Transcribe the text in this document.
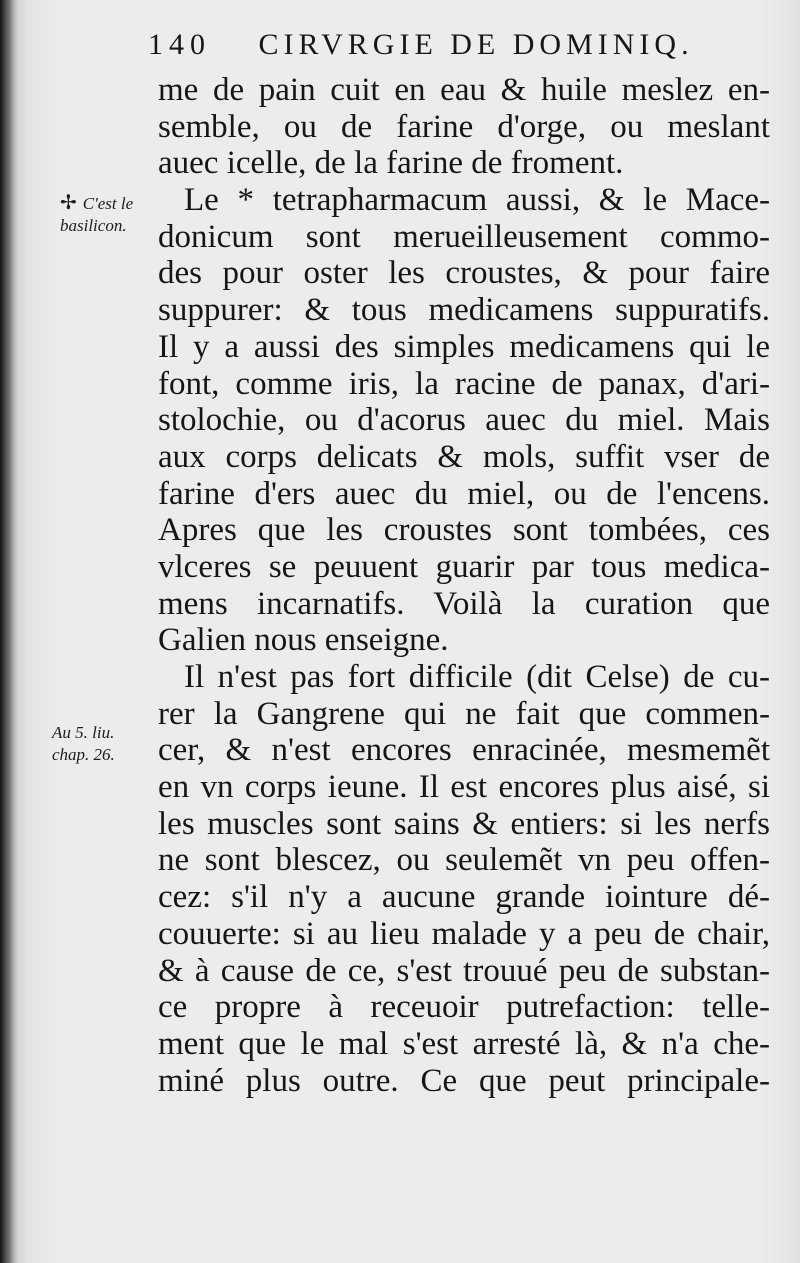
140 CIRVRGIE DE DOMINIQ.
✢ C'est le
basilicon.
Au 5. liu.
chap. 26.
me de pain cuit en eau & huile meslez en-
semble, ou de farine d'orge, ou meslant
auec icelle, de la farine de froment.
Le * tetrapharmacum aussi, & le Mace-
donicum sont merueilleusement commo-
des pour oster les croustes, & pour faire
suppurer: & tous medicamens suppuratifs.
Il y a aussi des simples medicamens qui le
font, comme iris, la racine de panax, d'ari-
stolochie, ou d'acorus auec du miel. Mais
aux corps delicats & mols, suffit vser de
farine d'ers auec du miel, ou de l'encens.
Apres que les croustes sont tombées, ces
vlceres se peuuent guarir par tous medica-
mens incarnatifs. Voilà la curation que
Galien nous enseigne.
Il n'est pas fort difficile (dit Celse) de cu-
rer la Gangrene qui ne fait que commen-
cer, & n'est encores enracinée, mesmemẽt
en vn corps ieune. Il est encores plus aisé, si
les muscles sont sains & entiers: si les nerfs
ne sont blescez, ou seulemẽt vn peu offen-
cez: s'il n'y a aucune grande iointure dé-
couuerte: si au lieu malade y a peu de chair,
& à cause de ce, s'est trouué peu de substan-
ce propre à receuoir putrefaction: telle-
ment que le mal s'est arresté là, & n'a che-
miné plus outre. Ce que peut principale-
